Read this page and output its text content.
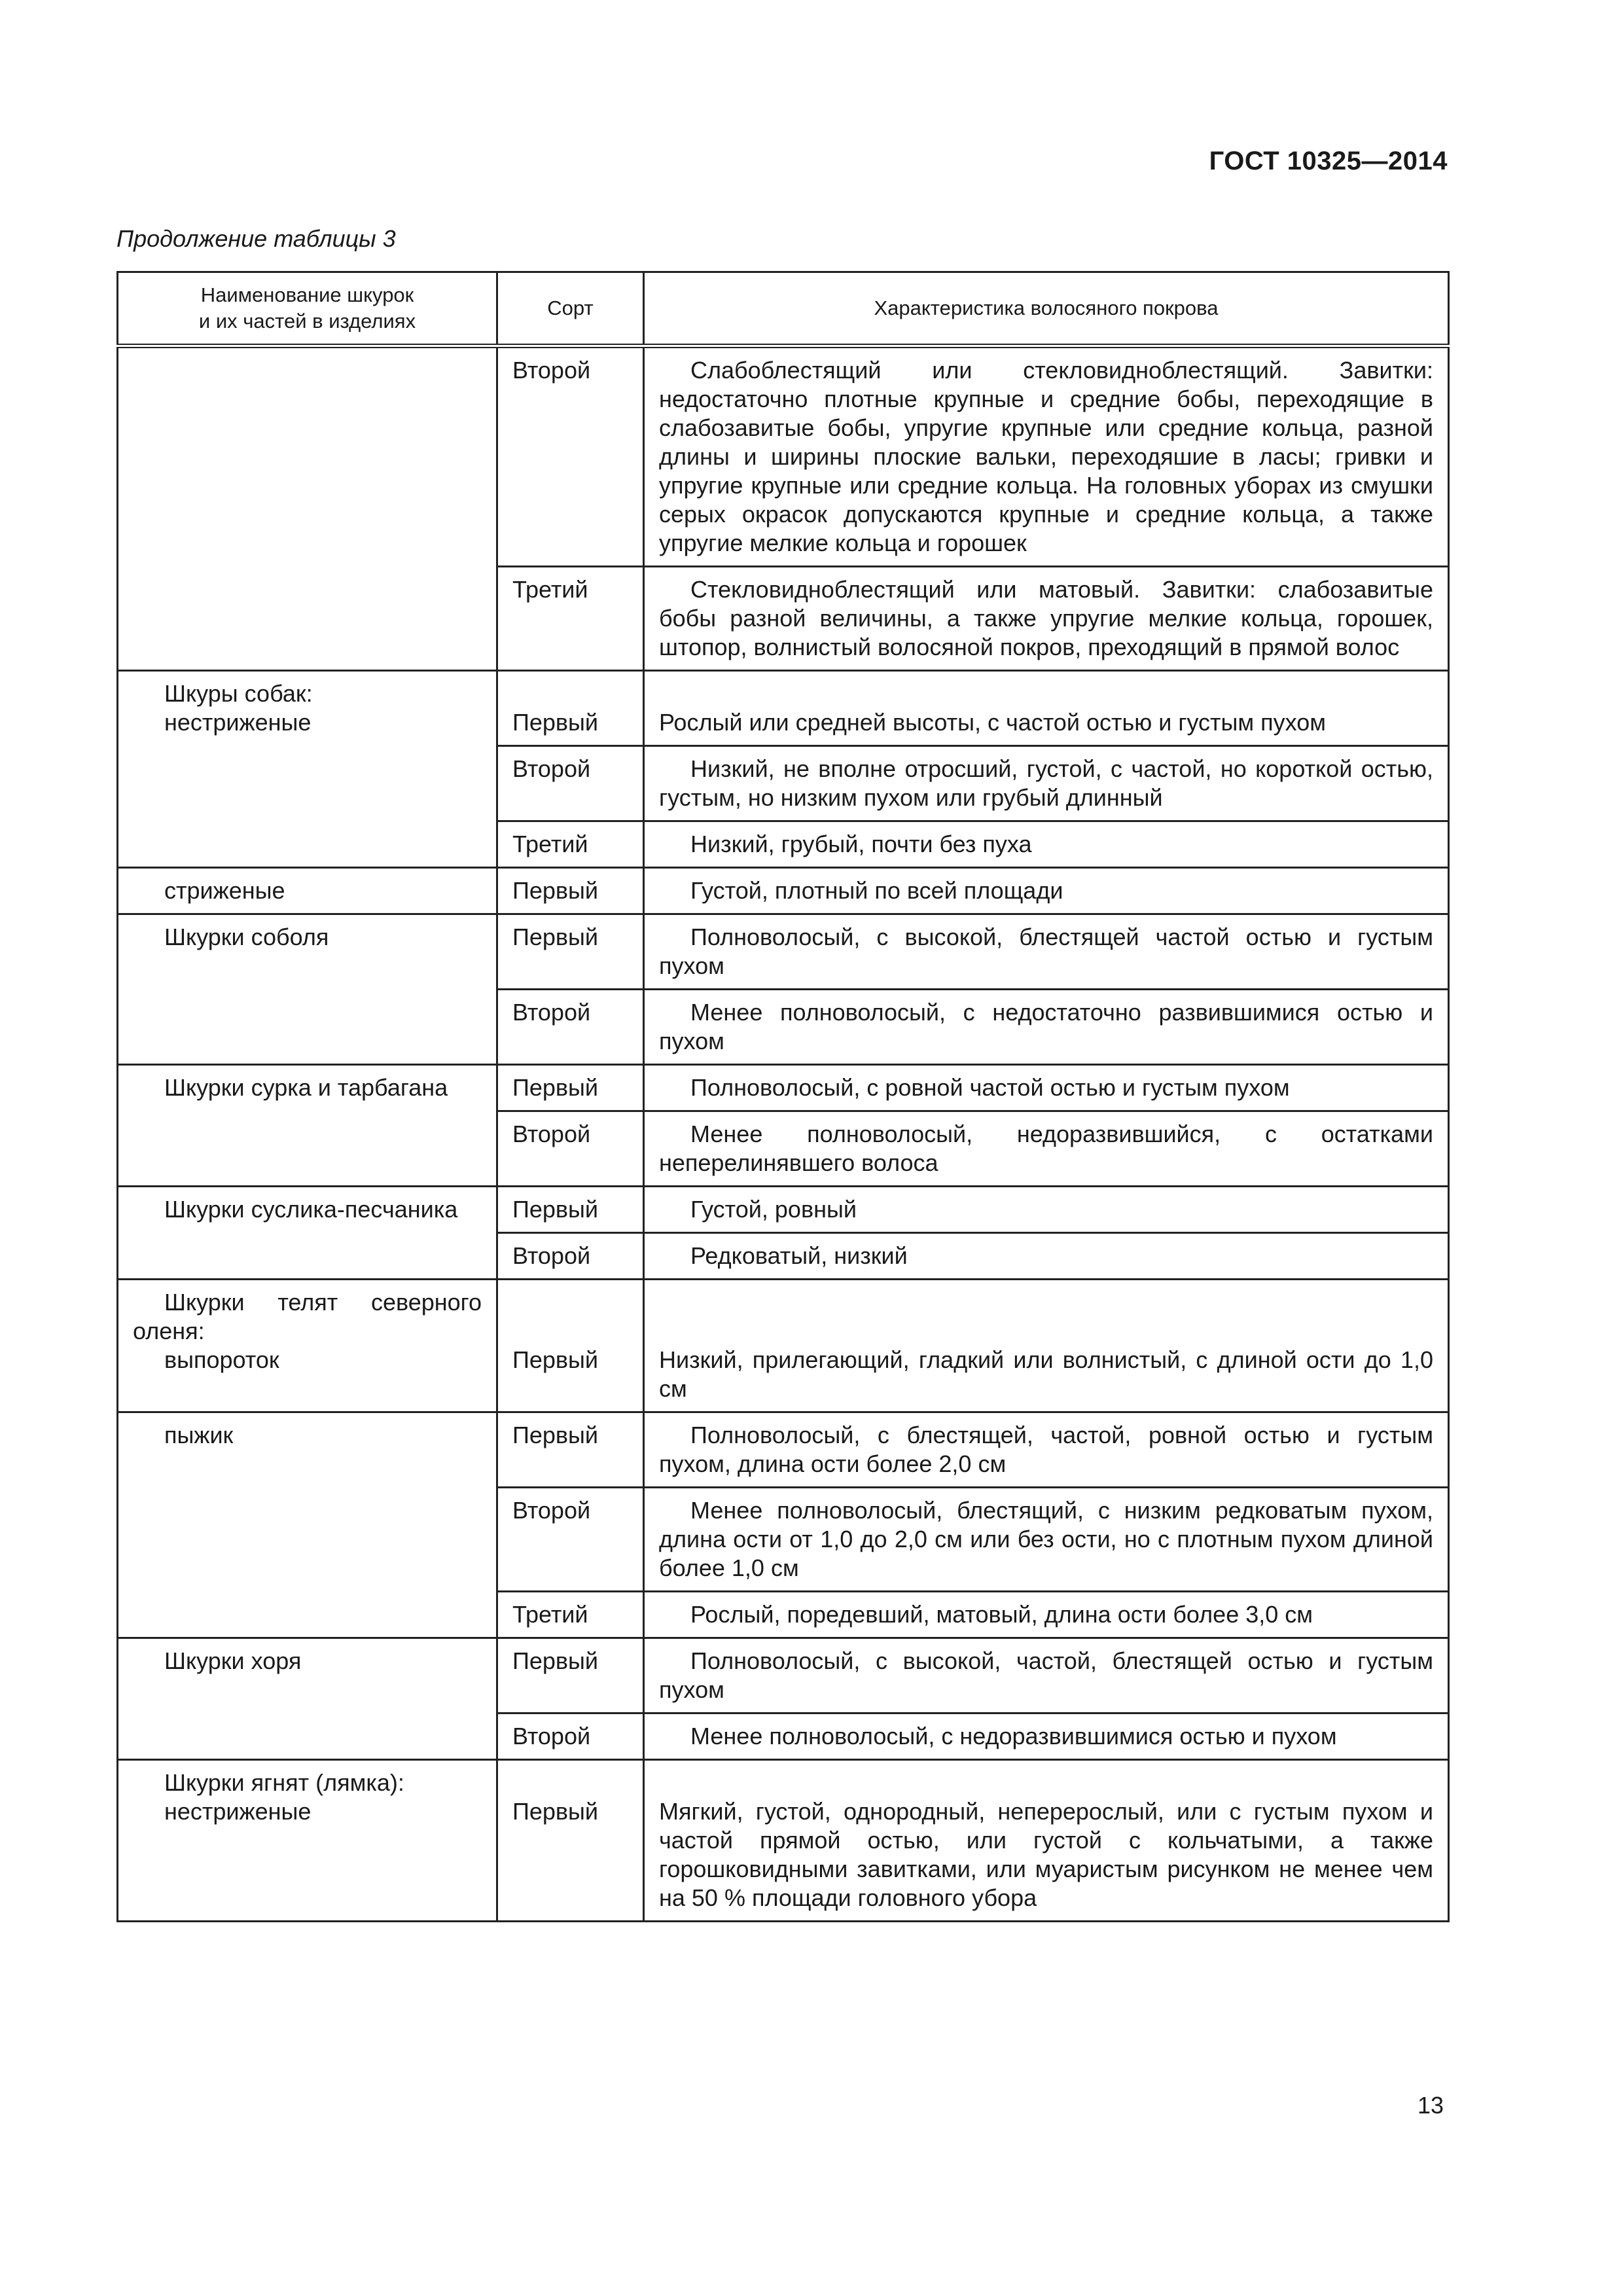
ГОСТ 10325—2014
Продолжение таблицы 3
Наименование шкурок
и их частей в изделиях	Сорт	Характеристика волосяного покрова
	Второй	Слабоблестящий или стекловидноблестящий. Завитки: недостаточно плотные крупные и средние бобы, переходящие в слабозавитые бобы, упругие крупные или средние кольца, разной длины и ширины плоские вальки, переходяшие в ласы; гривки и упругие крупные или средние кольца. На головных уборах из смушки серых окрасок допускаются крупные и средние кольца, а также упругие мелкие кольца и горошек
	Третий	Стекловидноблестящий или матовый. Завитки: слабозавитые бобы разной величины, а также упругие мелкие кольца, горошек, штопор, волнистый волосяной покров, преходящий в прямой волос

Шкуры собак:
нестриженые	Первый	Рослый или средней высоты, с частой остью и густым пухом
	Второй	Низкий, не вполне отросший, густой, с частой, но короткой остью, густым, но низким пухом или грубый длинный
	Третий	Низкий, грубый, почти без пуха
стриженые	Первый	Густой, плотный по всей площади
Шкурки соболя	Первый	Полноволосый, с высокой, блестящей частой остью и густым пухом
	Второй	Менее полноволосый, с недостаточно развившимися остью и пухом
Шкурки сурка и тарбагана	Первый	Полноволосый, с ровной частой остью и густым пухом
	Второй	Менее полноволосый, недоразвившийся, с остатками неперелинявшего волоса
Шкурки суслика-песчаника	Первый	Густой, ровный
	Второй	Редковатый, низкий

Шкурки телят северного оленя:
выпороток	Первый	Низкий, прилегающий, гладкий или волнистый, с длиной ости до 1,0 см
пыжик	Первый	Полноволосый, с блестящей, частой, ровной остью и густым пухом, длина ости более 2,0 см
	Второй	Менее полноволосый, блестящий, с низким редковатым пухом, длина ости от 1,0 до 2,0 см или без ости, но с плотным пухом длиной более 1,0 см
	Третий	Рослый, поредевший, матовый, длина ости более 3,0 см
Шкурки хоря	Первый	Полноволосый, с высокой, частой, блестящей остью и густым пухом
	Второй	Менее полноволосый, с недоразвившимися остью и пухом

Шкурки ягнят (лямка):
нестриженые	Первый	Мягкий, густой, однородный, неперерослый, или с густым пухом и частой прямой остью, или густой с кольчатыми, а также горошковидными завитками, или муаристым рисунком не менее чем на 50 % площади головного убора
13
